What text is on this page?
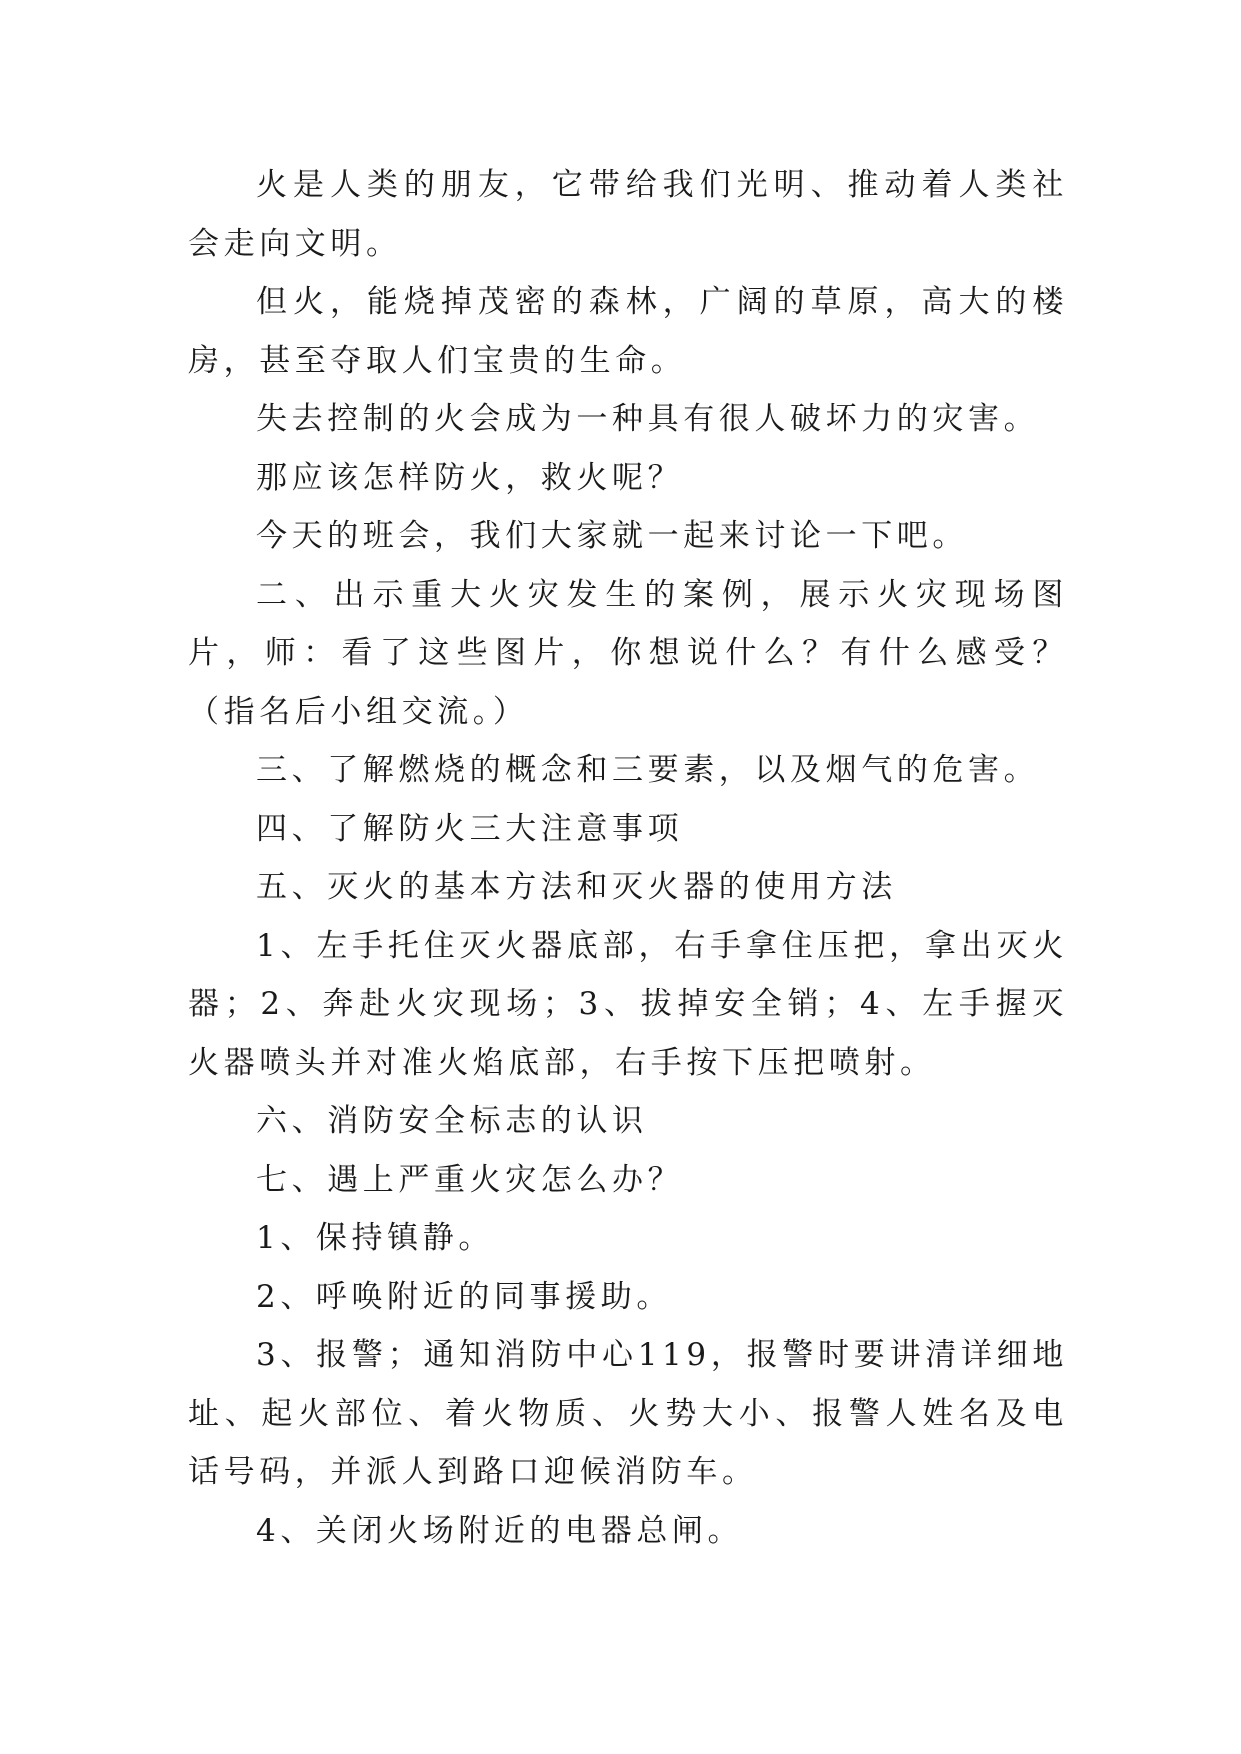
火是人类的朋友，它带给我们光明、推动着人类社会走向文明。

但火，能烧掉茂密的森林，广阔的草原，高大的楼房，甚至夺取人们宝贵的生命。

失去控制的火会成为一种具有很人破坏力的灾害。

那应该怎样防火，救火呢？

今天的班会，我们大家就一起来讨论一下吧。

二、出示重大火灾发生的案例，展示火灾现场图片，师：看了这些图片，你想说什么？有什么感受？（指名后小组交流。）

三、了解燃烧的概念和三要素，以及烟气的危害。

四、了解防火三大注意事项

五、灭火的基本方法和灭火器的使用方法

1、左手托住灭火器底部，右手拿住压把，拿出灭火器；2、奔赴火灾现场；3、拔掉安全销；4、左手握灭火器喷头并对准火焰底部，右手按下压把喷射。

六、消防安全标志的认识

七、遇上严重火灾怎么办？

1、保持镇静。

2、呼唤附近的同事援助。

3、报警；通知消防中心119，报警时要讲清详细地址、起火部位、着火物质、火势大小、报警人姓名及电话号码，并派人到路口迎候消防车。

4、关闭火场附近的电器总闸。
